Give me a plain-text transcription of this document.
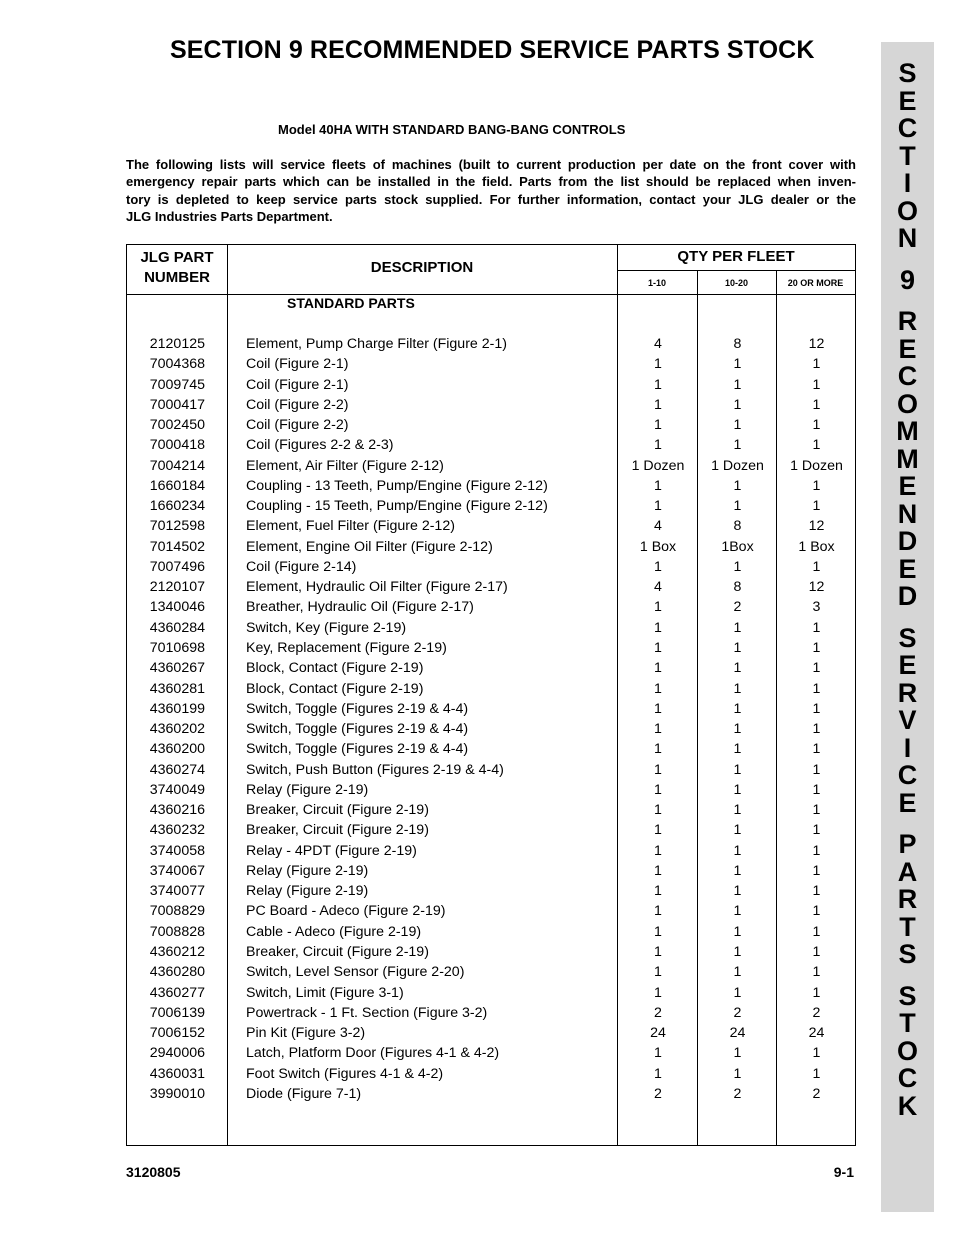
SECTION 9 RECOMMENDED SERVICE PARTS STOCK
S
E
C
T
I
O
N
9
R
E
C
O
M
M
E
N
D
E
D
S
E
R
V
I
C
E
P
A
R
T
S
S
T
O
C
K
Model 40HA WITH STANDARD BANG-BANG CONTROLS
The following lists will service fleets of machines (built to current production per date on the front cover with
emergency repair parts which can be installed in the field. Parts from the list should be replaced when inven-
tory is depleted to keep service parts stock supplied. For further information, contact your JLG dealer or the
JLG Industries Parts Department.
JLG PART
NUMBER
DESCRIPTION
QTY PER FLEET
1-10	10-20	20 OR MORE
STANDARD PARTS
2120125	Element, Pump Charge Filter (Figure 2-1)	4	8	12
7004368	Coil (Figure 2-1)	1	1	1
7009745	Coil (Figure 2-1)	1	1	1
7000417	Coil (Figure 2-2)	1	1	1
7002450	Coil (Figure 2-2)	1	1	1
7000418	Coil (Figures 2-2 & 2-3)	1	1	1
7004214	Element, Air Filter (Figure 2-12)	1 Dozen	1 Dozen	1 Dozen
1660184	Coupling - 13 Teeth, Pump/Engine (Figure 2-12)	1	1	1
1660234	Coupling - 15 Teeth, Pump/Engine (Figure 2-12)	1	1	1
7012598	Element, Fuel Filter (Figure 2-12)	4	8	12
7014502	Element, Engine Oil Filter (Figure 2-12)	1 Box	1Box	1 Box
7007496	Coil (Figure 2-14)	1	1	1
2120107	Element, Hydraulic Oil Filter (Figure 2-17)	4	8	12
1340046	Breather, Hydraulic Oil (Figure 2-17)	1	2	3
4360284	Switch, Key (Figure 2-19)	1	1	1
7010698	Key, Replacement (Figure 2-19)	1	1	1
4360267	Block, Contact (Figure 2-19)	1	1	1
4360281	Block, Contact (Figure 2-19)	1	1	1
4360199	Switch, Toggle (Figures 2-19 & 4-4)	1	1	1
4360202	Switch, Toggle (Figures 2-19 & 4-4)	1	1	1
4360200	Switch, Toggle (Figures 2-19 & 4-4)	1	1	1
4360274	Switch, Push Button (Figures 2-19 & 4-4)	1	1	1
3740049	Relay (Figure 2-19)	1	1	1
4360216	Breaker, Circuit (Figure 2-19)	1	1	1
4360232	Breaker, Circuit (Figure 2-19)	1	1	1
3740058	Relay - 4PDT (Figure 2-19)	1	1	1
3740067	Relay (Figure 2-19)	1	1	1
3740077	Relay (Figure 2-19)	1	1	1
7008829	PC Board - Adeco (Figure 2-19)	1	1	1
7008828	Cable - Adeco (Figure 2-19)	1	1	1
4360212	Breaker, Circuit (Figure 2-19)	1	1	1
4360280	Switch, Level Sensor (Figure 2-20)	1	1	1
4360277	Switch, Limit (Figure 3-1)	1	1	1
7006139	Powertrack - 1 Ft. Section (Figure 3-2)	2	2	2
7006152	Pin Kit (Figure 3-2)	24	24	24
2940006	Latch, Platform Door (Figures 4-1 & 4-2)	1	1	1
4360031	Foot Switch (Figures 4-1 & 4-2)	1	1	1
3990010	Diode (Figure 7-1)	2	2	2
3120805	9-1
